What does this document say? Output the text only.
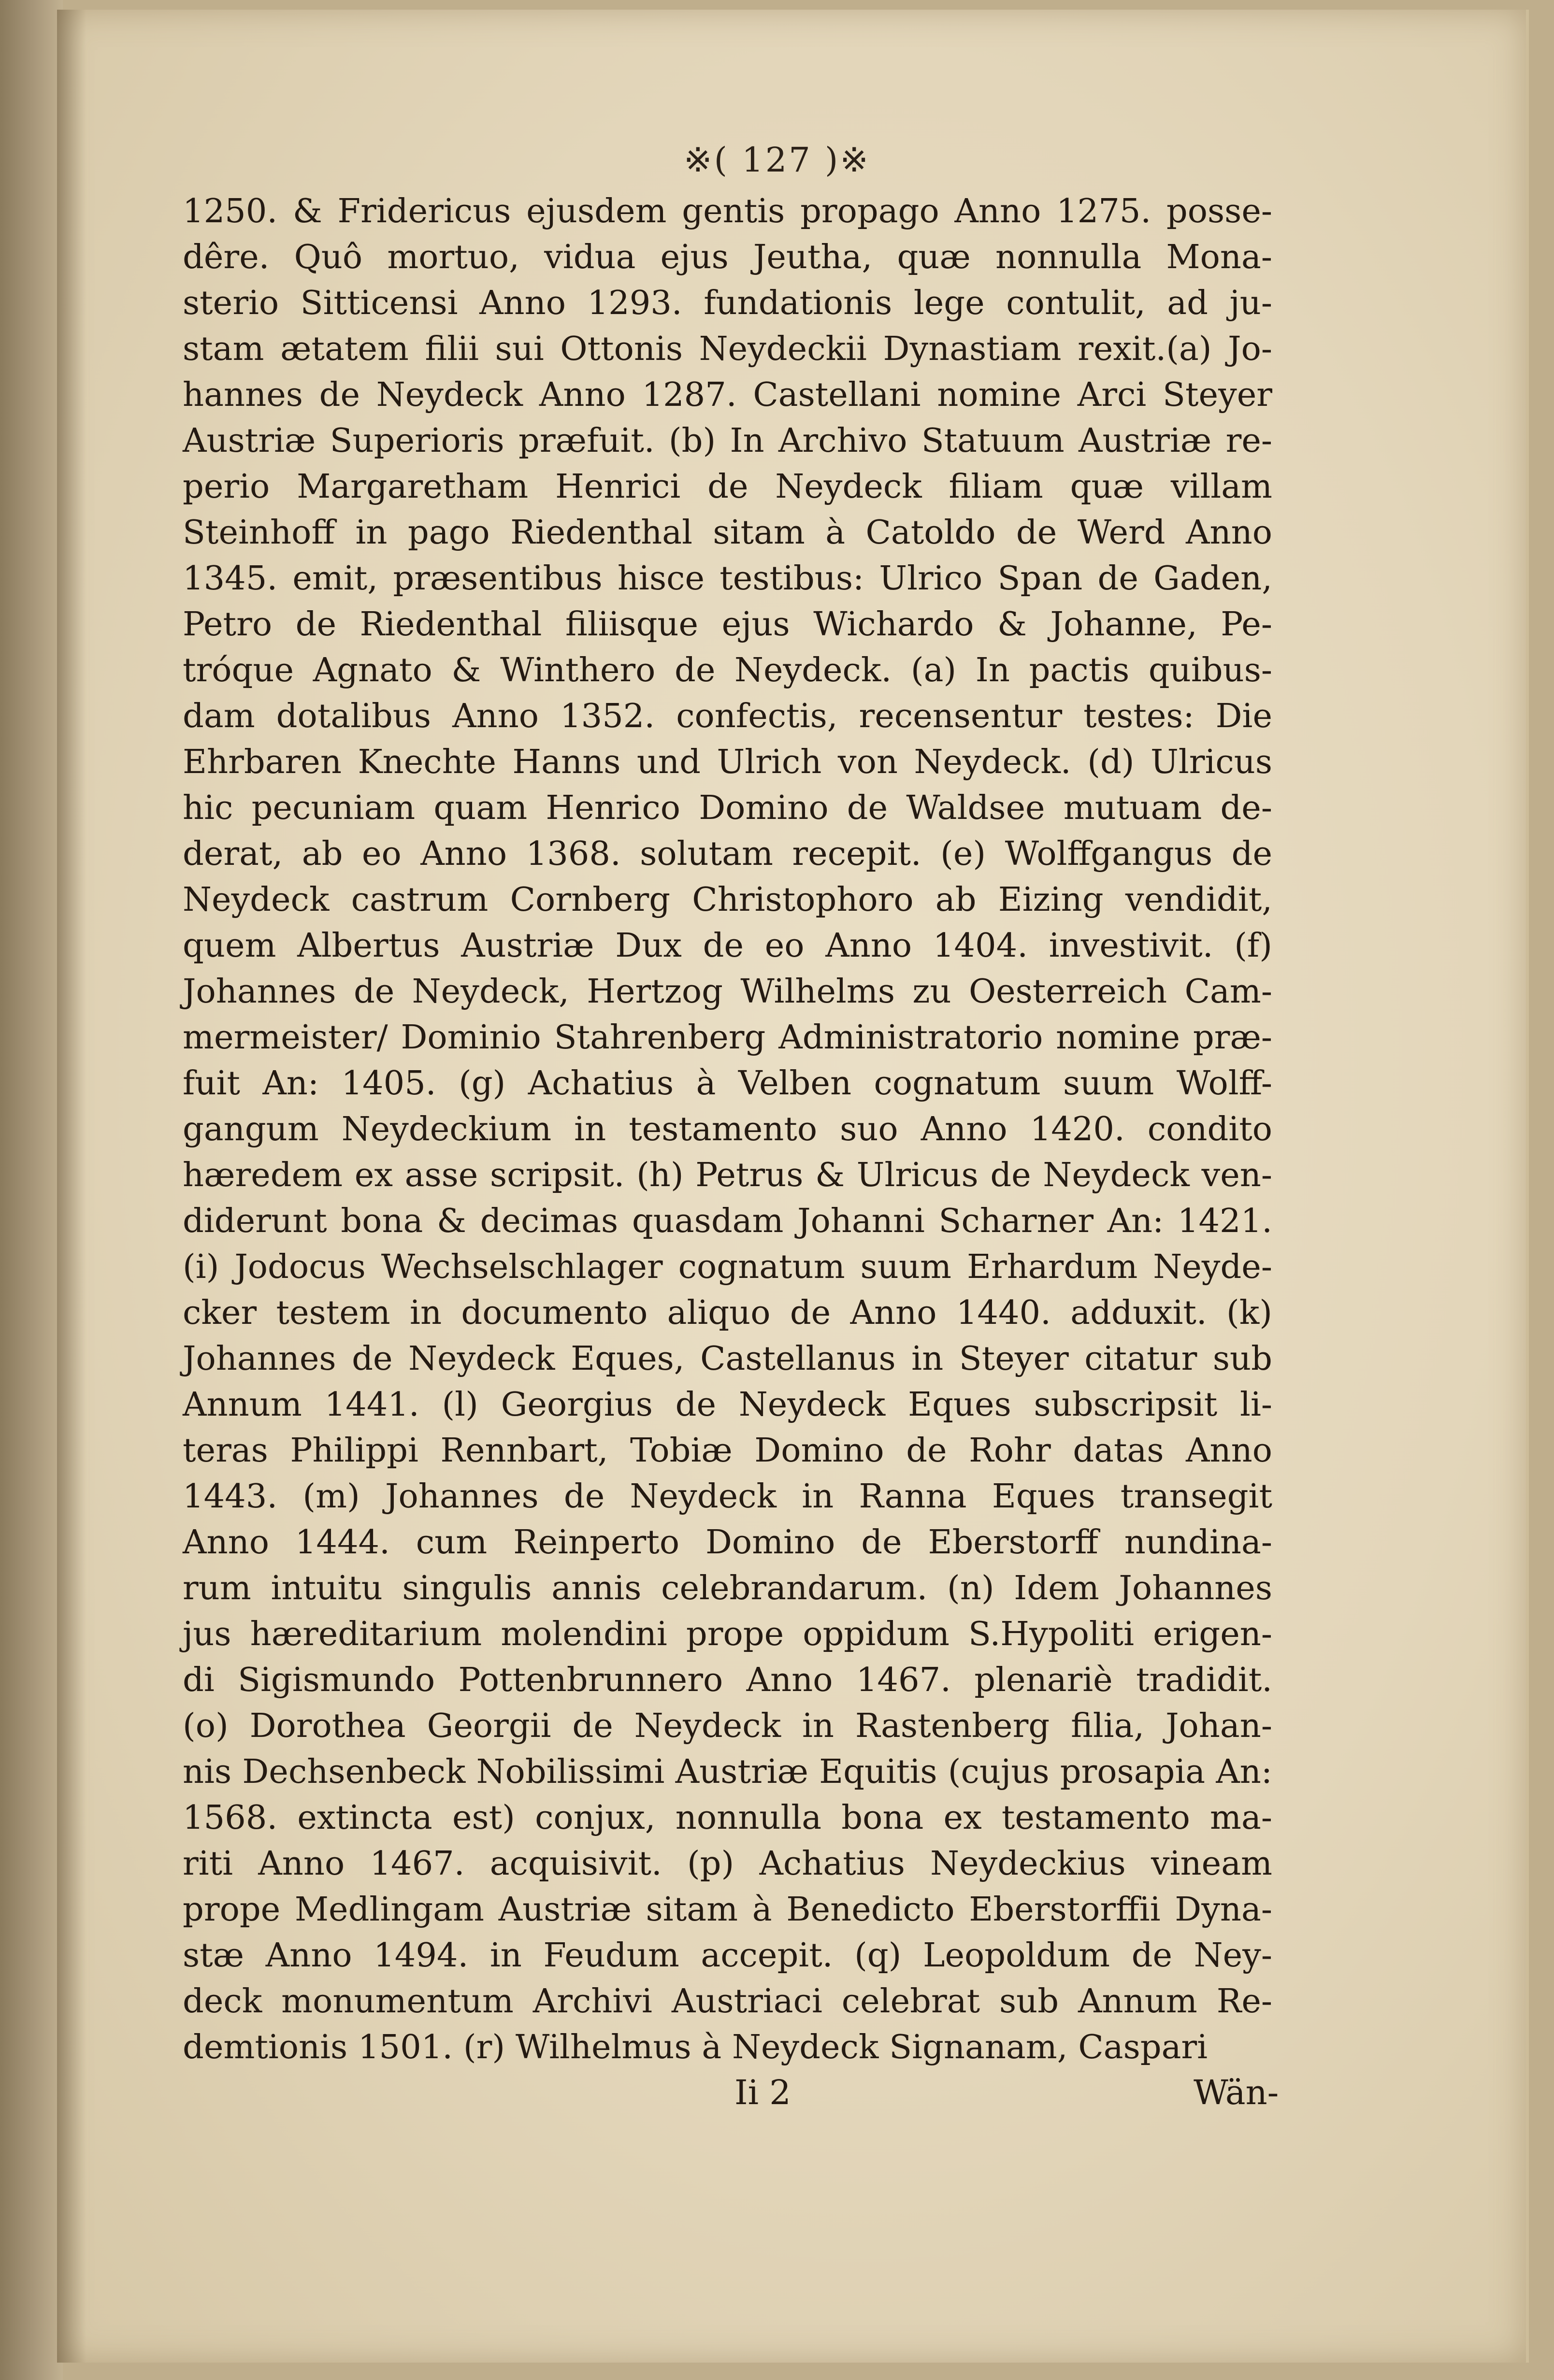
※( 127 )※
1250. & Fridericus ejusdem gentis propago Anno 1275. posse-
dêre. Quô mortuo, vidua ejus Jeutha, quæ nonnulla Mona-
sterio Sitticensi Anno 1293. fundationis lege contulit, ad ju-
stam ætatem filii sui Ottonis Neydeckii Dynastiam rexit.(a) Jo-
hannes de Neydeck Anno 1287. Castellani nomine Arci Steyer
Austriæ Superioris præfuit. (b) In Archivo Statuum Austriæ re-
perio Margaretham Henrici de Neydeck filiam quæ villam
Steinhoff in pago Riedenthal sitam à Catoldo de Werd Anno
1345. emit, præsentibus hisce testibus: Ulrico Span de Gaden,
Petro de Riedenthal filiisque ejus Wichardo & Johanne, Pe-
tróque Agnato & Winthero de Neydeck. (a) In pactis quibus-
dam dotalibus Anno 1352. confectis, recensentur testes: Die
Ehrbaren Knechte Hanns und Ulrich von Neydeck. (d) Ulricus
hic pecuniam quam Henrico Domino de Waldsee mutuam de-
derat, ab eo Anno 1368. solutam recepit. (e) Wolffgangus de
Neydeck castrum Cornberg Christophoro ab Eizing vendidit,
quem Albertus Austriæ Dux de eo Anno 1404. investivit. (f)
Johannes de Neydeck, Hertzog Wilhelms zu Oesterreich Cam-
mermeister/ Dominio Stahrenberg Administratorio nomine præ-
fuit An: 1405. (g) Achatius à Velben cognatum suum Wolff-
gangum Neydeckium in testamento suo Anno 1420. condito
hæredem ex asse scripsit. (h) Petrus & Ulricus de Neydeck ven-
diderunt bona & decimas quasdam Johanni Scharner An: 1421.
(i) Jodocus Wechselschlager cognatum suum Erhardum Neyde-
cker testem in documento aliquo de Anno 1440. adduxit. (k)
Johannes de Neydeck Eques, Castellanus in Steyer citatur sub
Annum 1441. (l) Georgius de Neydeck Eques subscripsit li-
teras Philippi Rennbart, Tobiæ Domino de Rohr datas Anno
1443. (m) Johannes de Neydeck in Ranna Eques transegit
Anno 1444. cum Reinperto Domino de Eberstorff nundina-
rum intuitu singulis annis celebrandarum. (n) Idem Johannes
jus hæreditarium molendini prope oppidum S.Hypoliti erigen-
di Sigismundo Pottenbrunnero Anno 1467. plenariè tradidit.
(o) Dorothea Georgii de Neydeck in Rastenberg filia, Johan-
nis Dechsenbeck Nobilissimi Austriæ Equitis (cujus prosapia An:
1568. extincta est) conjux, nonnulla bona ex testamento ma-
riti Anno 1467. acquisivit. (p) Achatius Neydeckius vineam
prope Medlingam Austriæ sitam à Benedicto Eberstorffii Dyna-
stæ Anno 1494. in Feudum accepit. (q) Leopoldum de Ney-
deck monumentum Archivi Austriaci celebrat sub Annum Re-
demtionis 1501. (r) Wilhelmus à Neydeck Signanam, Caspari
Ii 2	Wän-
